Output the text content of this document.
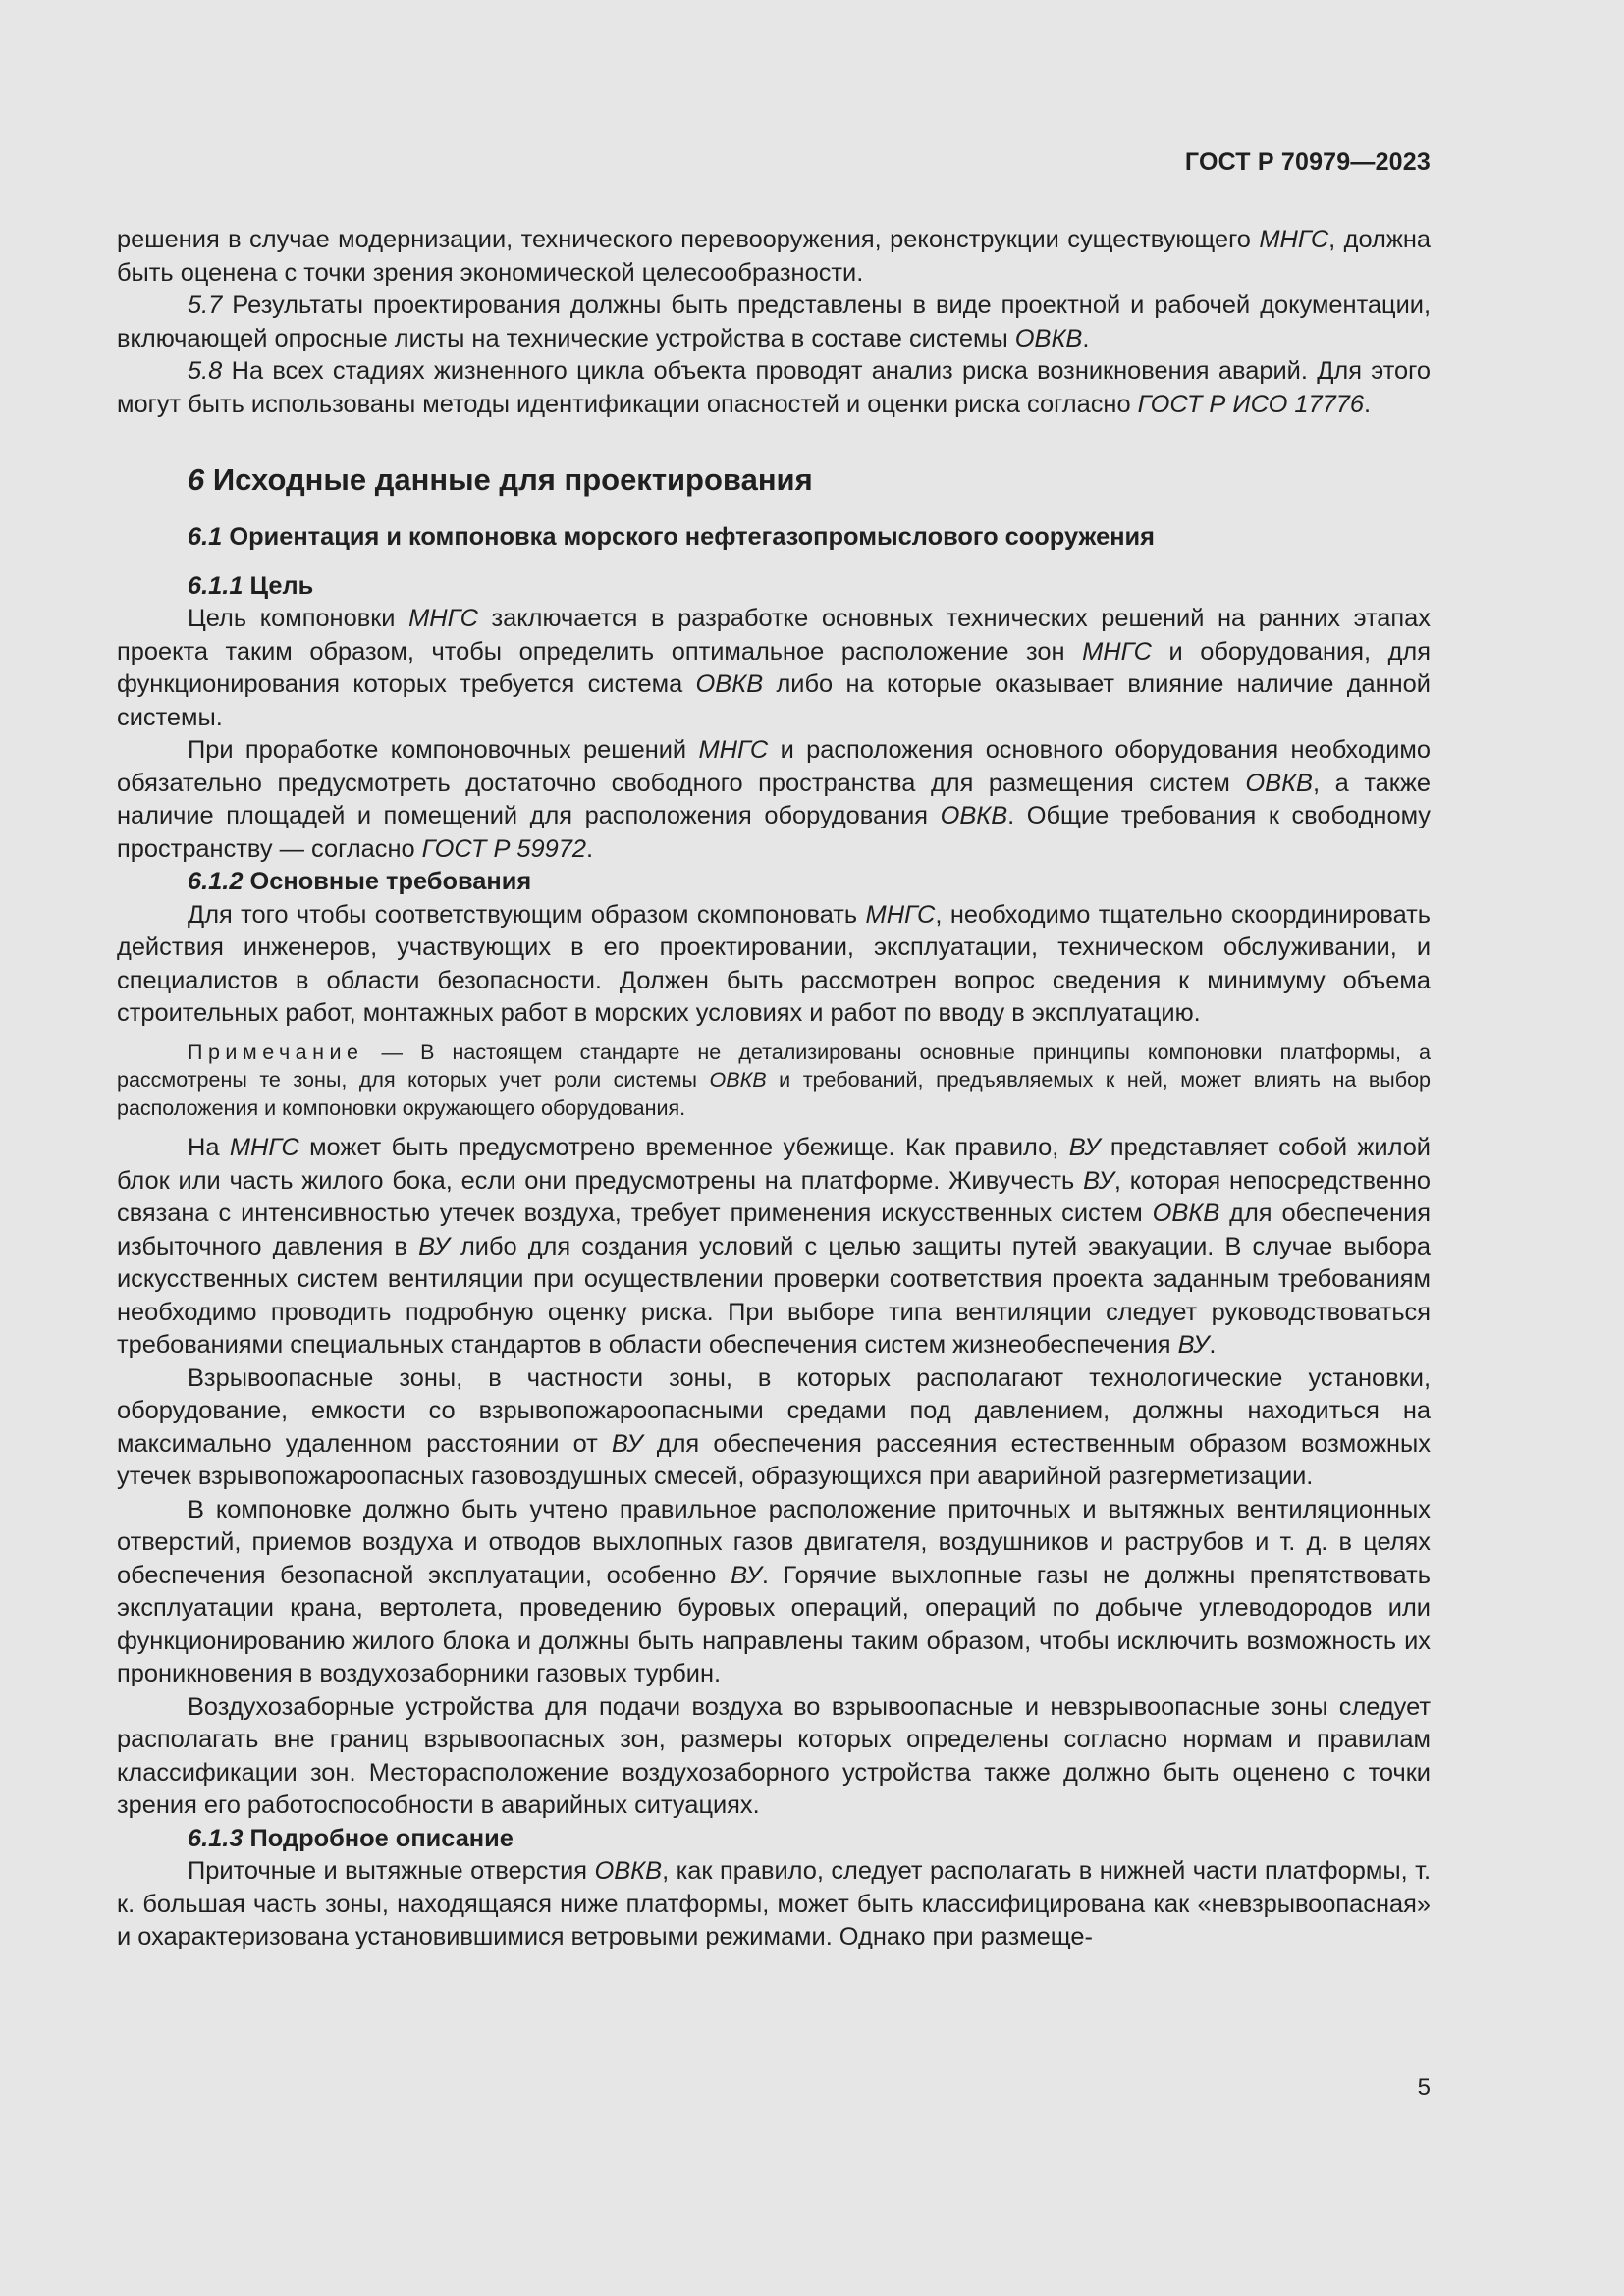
ГОСТ Р 70979—2023

решения в случае модернизации, технического перевооружения, реконструкции существующего МНГС, должна быть оценена с точки зрения экономической целесообразности.

5.7 Результаты проектирования должны быть представлены в виде проектной и рабочей документации, включающей опросные листы на технические устройства в составе системы ОВКВ.

5.8 На всех стадиях жизненного цикла объекта проводят анализ риска возникновения аварий. Для этого могут быть использованы методы идентификации опасностей и оценки риска согласно ГОСТ Р ИСО 17776.

6 Исходные данные для проектирования

6.1 Ориентация и компоновка морского нефтегазопромыслового сооружения

6.1.1 Цель

Цель компоновки МНГС заключается в разработке основных технических решений на ранних этапах проекта таким образом, чтобы определить оптимальное расположение зон МНГС и оборудования, для функционирования которых требуется система ОВКВ либо на которые оказывает влияние наличие данной системы.

При проработке компоновочных решений МНГС и расположения основного оборудования необходимо обязательно предусмотреть достаточно свободного пространства для размещения систем ОВКВ, а также наличие площадей и помещений для расположения оборудования ОВКВ. Общие требования к свободному пространству — согласно ГОСТ Р 59972.

6.1.2 Основные требования

Для того чтобы соответствующим образом скомпоновать МНГС, необходимо тщательно скоординировать действия инженеров, участвующих в его проектировании, эксплуатации, техническом обслуживании, и специалистов в области безопасности. Должен быть рассмотрен вопрос сведения к минимуму объема строительных работ, монтажных работ в морских условиях и работ по вводу в эксплуатацию.

Примечание — В настоящем стандарте не детализированы основные принципы компоновки платформы, а рассмотрены те зоны, для которых учет роли системы ОВКВ и требований, предъявляемых к ней, может влиять на выбор расположения и компоновки окружающего оборудования.

На МНГС может быть предусмотрено временное убежище. Как правило, ВУ представляет собой жилой блок или часть жилого бока, если они предусмотрены на платформе. Живучесть ВУ, которая непосредственно связана с интенсивностью утечек воздуха, требует применения искусственных систем ОВКВ для обеспечения избыточного давления в ВУ либо для создания условий с целью защиты путей эвакуации. В случае выбора искусственных систем вентиляции при осуществлении проверки соответствия проекта заданным требованиям необходимо проводить подробную оценку риска. При выборе типа вентиляции следует руководствоваться требованиями специальных стандартов в области обеспечения систем жизнеобеспечения ВУ.

Взрывоопасные зоны, в частности зоны, в которых располагают технологические установки, оборудование, емкости со взрывопожароопасными средами под давлением, должны находиться на максимально удаленном расстоянии от ВУ для обеспечения рассеяния естественным образом возможных утечек взрывопожароопасных газовоздушных смесей, образующихся при аварийной разгерметизации.

В компоновке должно быть учтено правильное расположение приточных и вытяжных вентиляционных отверстий, приемов воздуха и отводов выхлопных газов двигателя, воздушников и раструбов и т. д. в целях обеспечения безопасной эксплуатации, особенно ВУ. Горячие выхлопные газы не должны препятствовать эксплуатации крана, вертолета, проведению буровых операций, операций по добыче углеводородов или функционированию жилого блока и должны быть направлены таким образом, чтобы исключить возможность их проникновения в воздухозаборники газовых турбин.

Воздухозаборные устройства для подачи воздуха во взрывоопасные и невзрывоопасные зоны следует располагать вне границ взрывоопасных зон, размеры которых определены согласно нормам и правилам классификации зон. Месторасположение воздухозаборного устройства также должно быть оценено с точки зрения его работоспособности в аварийных ситуациях.

6.1.3 Подробное описание

Приточные и вытяжные отверстия ОВКВ, как правило, следует располагать в нижней части платформы, т. к. большая часть зоны, находящаяся ниже платформы, может быть классифицирована как «невзрывоопасная» и охарактеризована установившимися ветровыми режимами. Однако при размеще-

5
